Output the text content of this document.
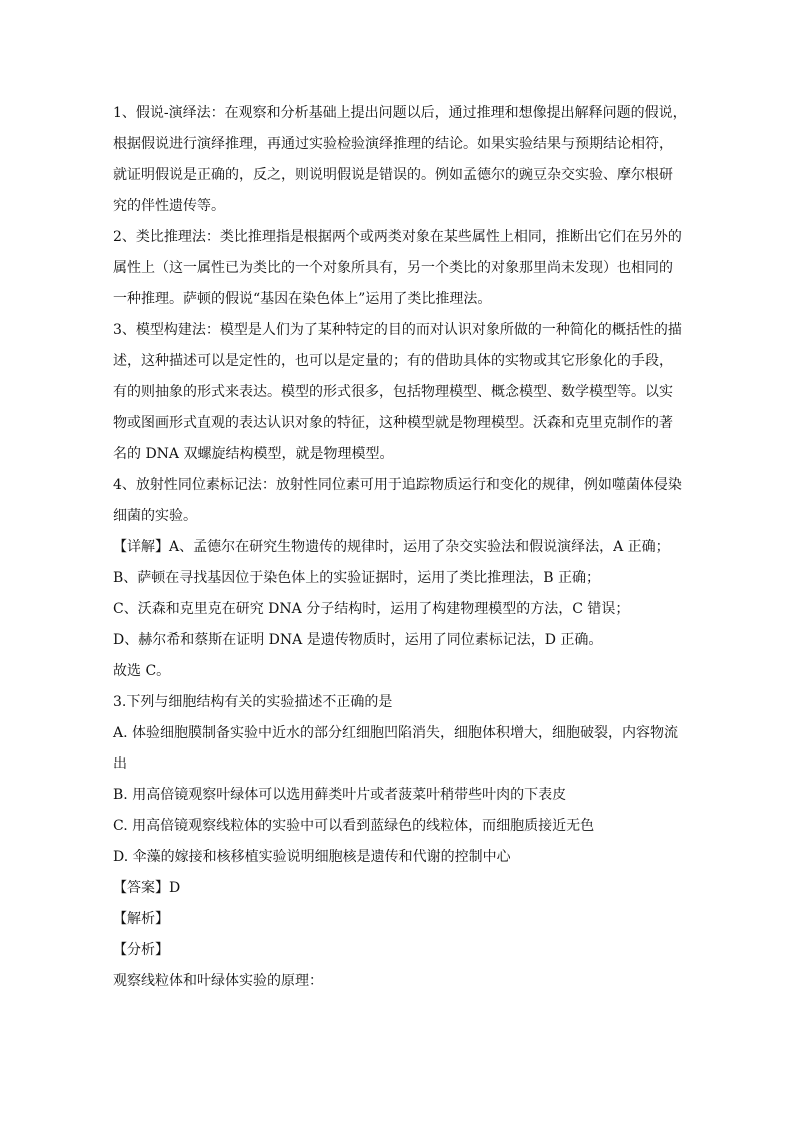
1、假说-演绎法：在观察和分析基础上提出问题以后，通过推理和想像提出解释问题的假说，
根据假说进行演绎推理，再通过实验检验演绎推理的结论。如果实验结果与预期结论相符，
就证明假说是正确的，反之，则说明假说是错误的。例如孟德尔的豌豆杂交实验、摩尔根研
究的伴性遗传等。

2、类比推理法：类比推理指是根据两个或两类对象在某些属性上相同，推断出它们在另外的
属性上（这一属性已为类比的一个对象所具有，另一个类比的对象那里尚未发现）也相同的
一种推理。萨顿的假说“基因在染色体上”运用了类比推理法。

3、模型构建法：模型是人们为了某种特定的目的而对认识对象所做的一种简化的概括性的描
述，这种描述可以是定性的，也可以是定量的；有的借助具体的实物或其它形象化的手段，
有的则抽象的形式来表达。模型的形式很多，包括物理模型、概念模型、数学模型等。以实
物或图画形式直观的表达认识对象的特征，这种模型就是物理模型。沃森和克里克制作的著
名的 DNA 双螺旋结构模型，就是物理模型。

4、放射性同位素标记法：放射性同位素可用于追踪物质运行和变化的规律，例如噬菌体侵染
细菌的实验。

【详解】A、孟德尔在研究生物遗传的规律时，运用了杂交实验法和假说演绎法，A 正确；

B、萨顿在寻找基因位于染色体上的实验证据时，运用了类比推理法，B 正确；

C、沃森和克里克在研究 DNA 分子结构时，运用了构建物理模型的方法，C 错误；

D、赫尔希和蔡斯在证明 DNA 是遗传物质时，运用了同位素标记法，D 正确。

故选 C。

3.下列与细胞结构有关的实验描述不正确的是

A. 体验细胞膜制备实验中近水的部分红细胞凹陷消失，细胞体积增大，细胞破裂，内容物流
出

B. 用高倍镜观察叶绿体可以选用藓类叶片或者菠菜叶稍带些叶肉的下表皮

C. 用高倍镜观察线粒体的实验中可以看到蓝绿色的线粒体，而细胞质接近无色

D. 伞藻的嫁接和核移植实验说明细胞核是遗传和代谢的控制中心

【答案】D

【解析】

【分析】

观察线粒体和叶绿体实验的原理：
